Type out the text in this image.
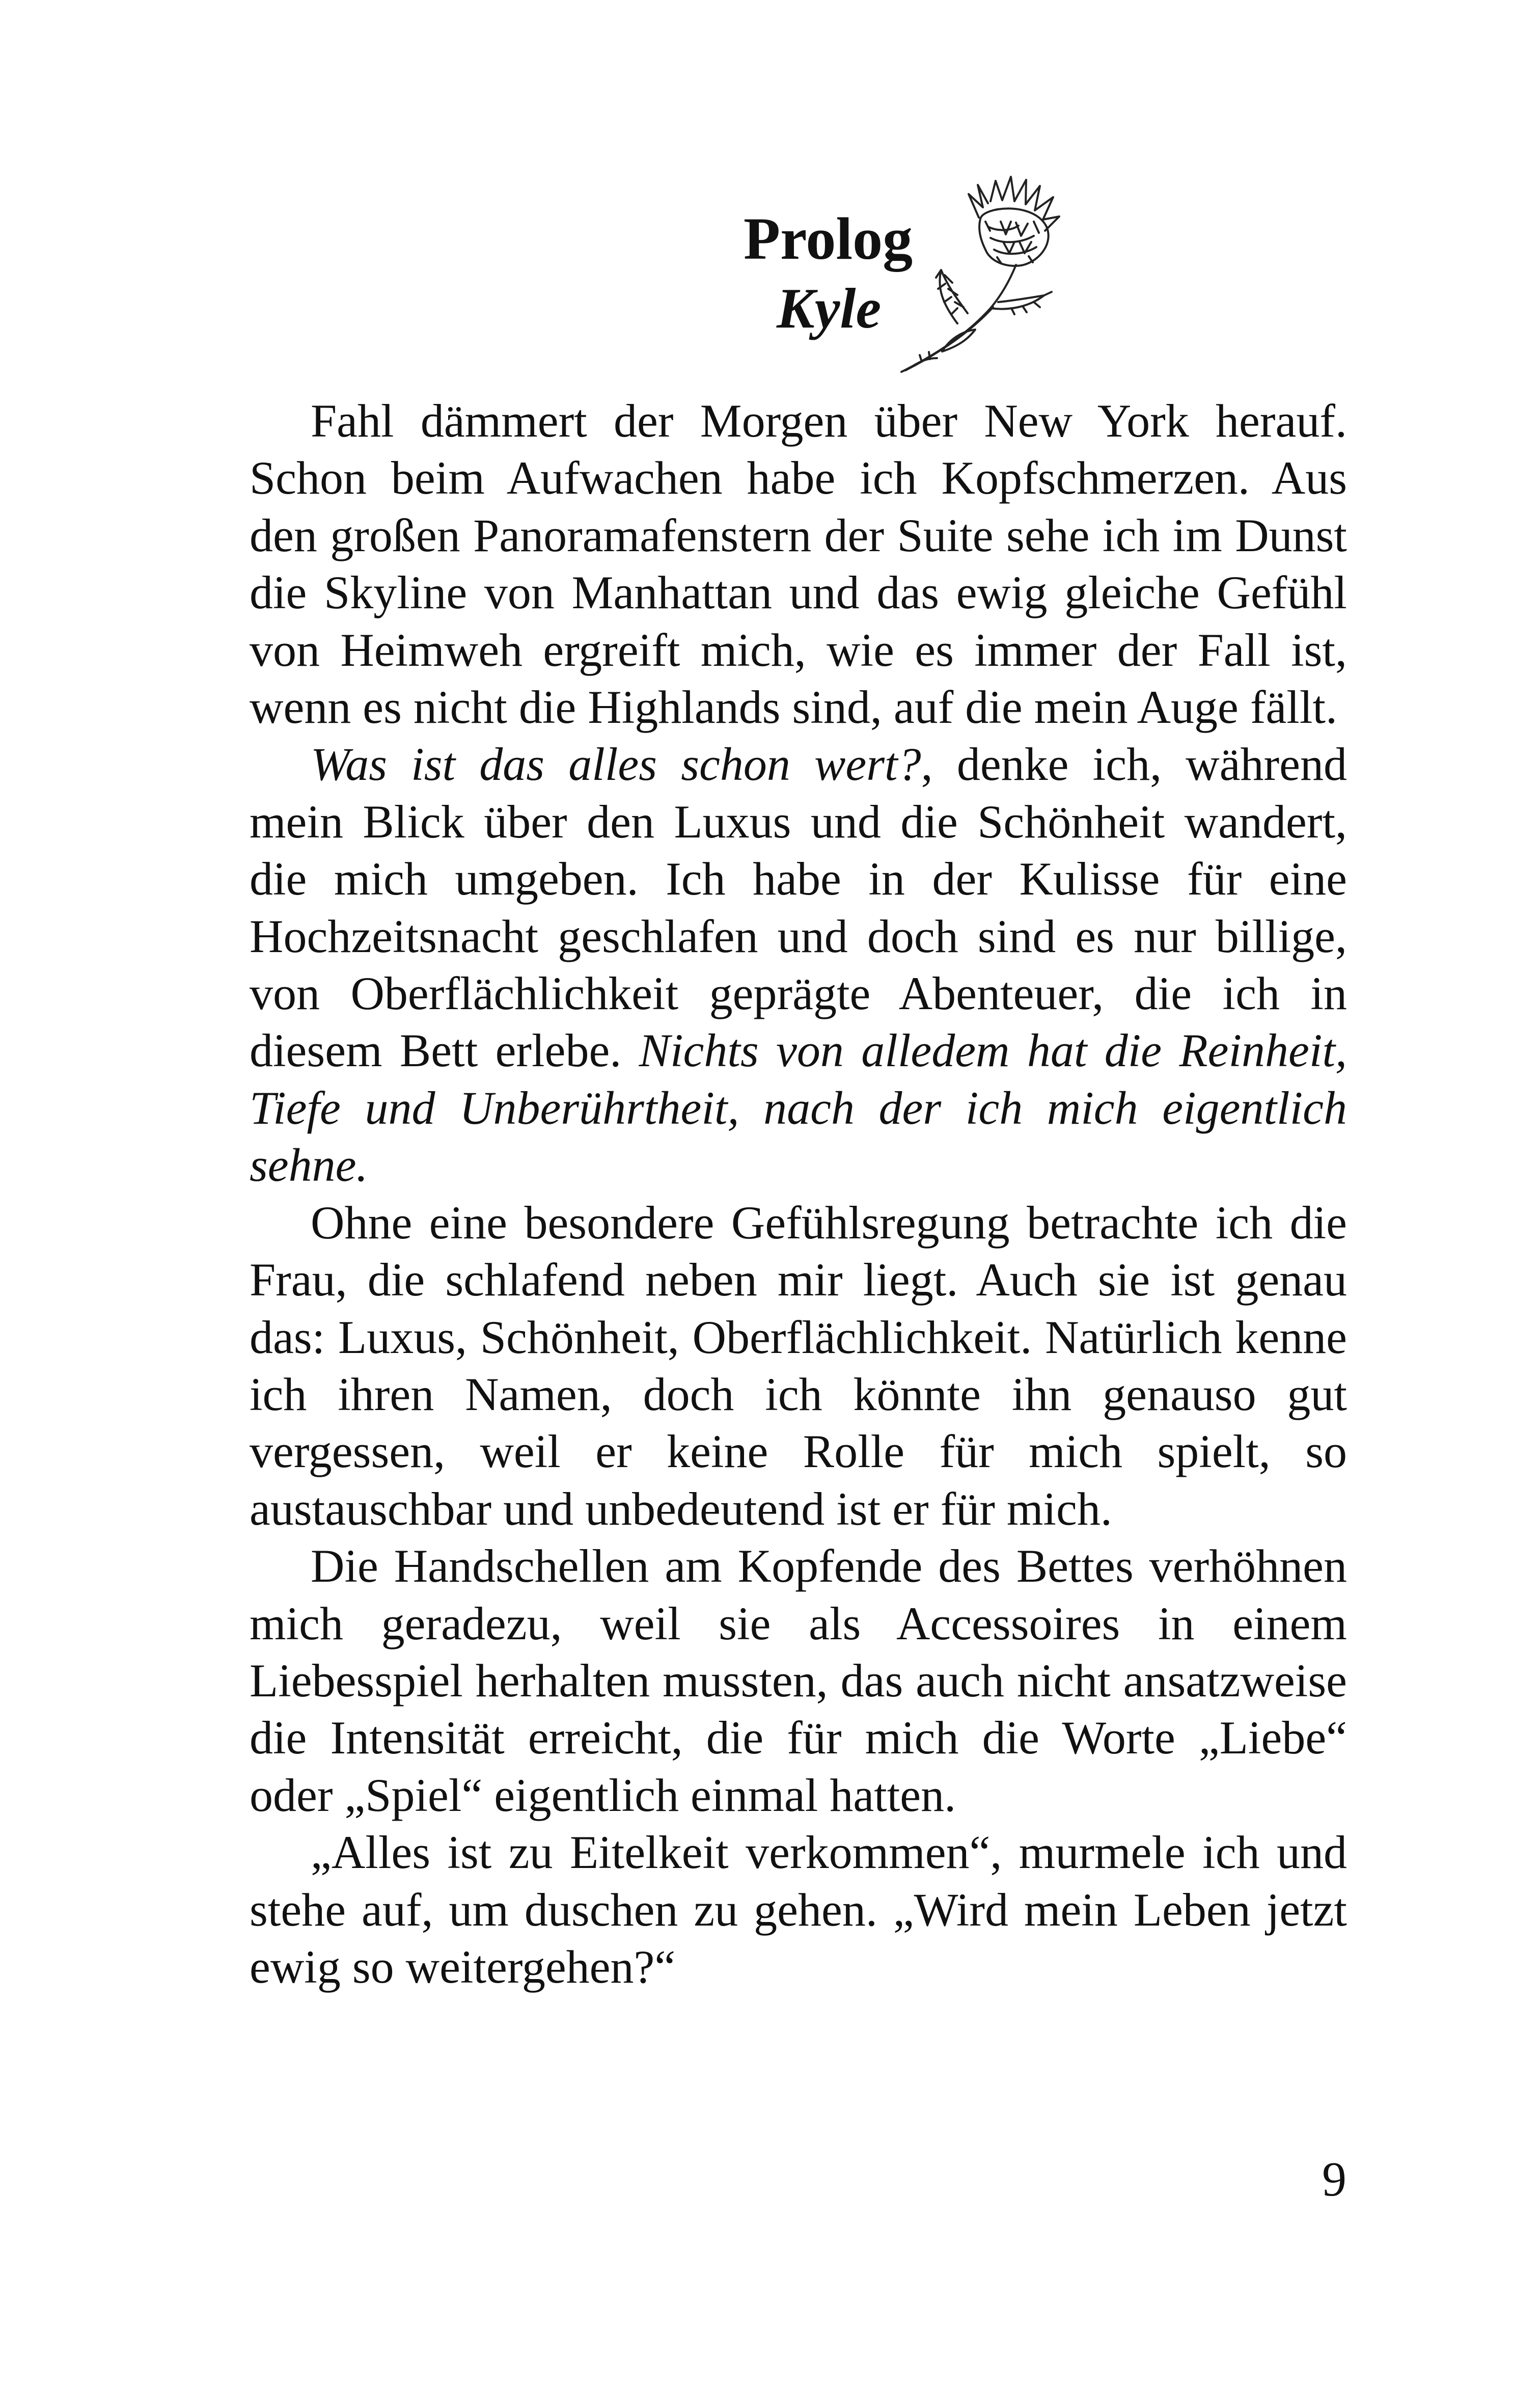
Prolog
Kyle

Fahl dämmert der Morgen über New York herauf. Schon beim Aufwachen habe ich Kopfschmerzen. Aus den großen Panoramafenstern der Suite sehe ich im Dunst die Skyline von Manhattan und das ewig gleiche Gefühl von Heimweh ergreift mich, wie es immer der Fall ist, wenn es nicht die Highlands sind, auf die mein Auge fällt.

Was ist das alles schon wert?, denke ich, während mein Blick über den Luxus und die Schönheit wandert, die mich umgeben. Ich habe in der Kulisse für eine Hochzeitsnacht geschlafen und doch sind es nur billige, von Oberflächlichkeit geprägte Abenteuer, die ich in diesem Bett erlebe. Nichts von alledem hat die Reinheit, Tiefe und Unberührtheit, nach der ich mich eigentlich sehne.

Ohne eine besondere Gefühlsregung betrachte ich die Frau, die schlafend neben mir liegt. Auch sie ist genau das: Luxus, Schönheit, Oberflächlichkeit. Natürlich kenne ich ihren Namen, doch ich könnte ihn genauso gut vergessen, weil er keine Rolle für mich spielt, so austauschbar und unbedeutend ist er für mich.

Die Handschellen am Kopfende des Bettes verhöhnen mich geradezu, weil sie als Accessoires in einem Liebesspiel herhalten mussten, das auch nicht ansatzweise die Intensität erreicht, die für mich die Worte „Liebe“ oder „Spiel“ eigentlich einmal hatten.

„Alles ist zu Eitelkeit verkommen“, murmele ich und stehe auf, um duschen zu gehen. „Wird mein Leben jetzt ewig so weitergehen?“

9
